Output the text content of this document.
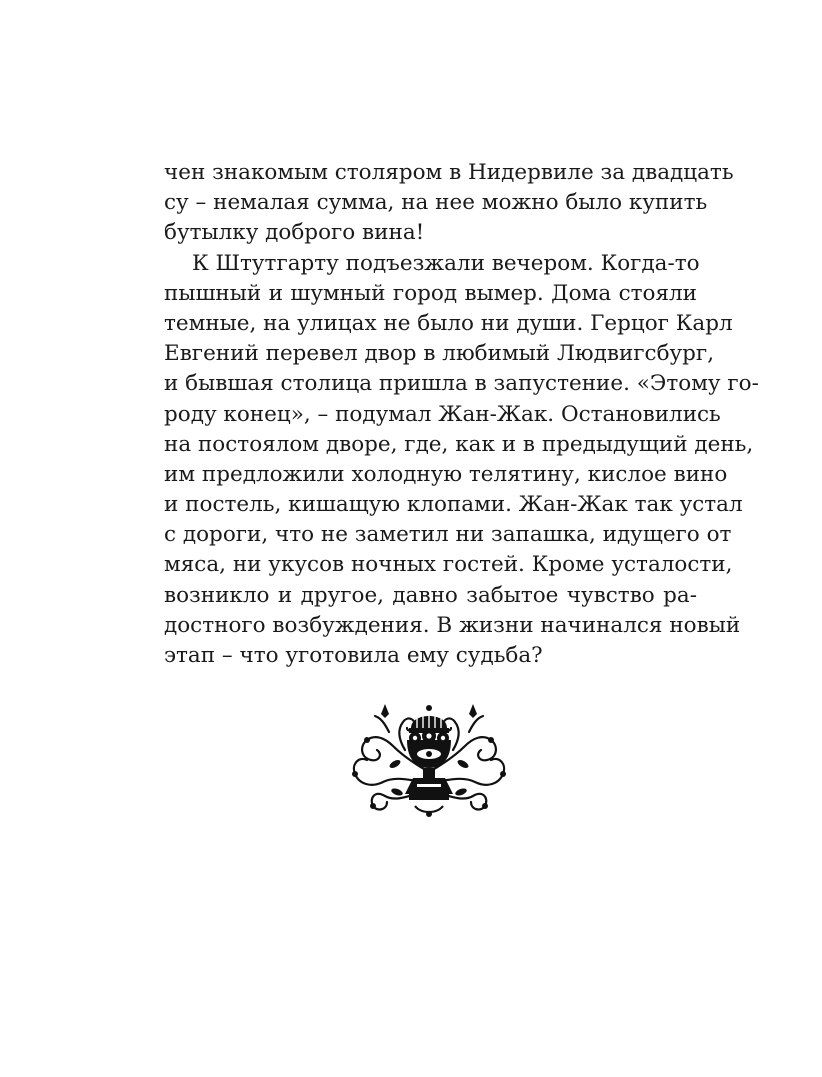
чен знакомым столяром в Нидервиле за двадцать
су – немалая сумма, на нее можно было купить
бутылку доброго вина!
К Штутгарту подъезжали вечером. Когда-то
пышный и шумный город вымер. Дома стояли
темные, на улицах не было ни души. Герцог Карл
Евгений перевел двор в любимый Людвигсбург,
и бывшая столица пришла в запустение. «Этому го-
роду конец», – подумал Жан-Жак. Остановились
на постоялом дворе, где, как и в предыдущий день,
им предложили холодную телятину, кислое вино
и постель, кишащую клопами. Жан-Жак так устал
с дороги, что не заметил ни запашка, идущего от
мяса, ни укусов ночных гостей. Кроме усталости,
возникло и другое, давно забытое чувство ра-
достного возбуждения. В жизни начинался новый
этап – что уготовила ему судьба?
